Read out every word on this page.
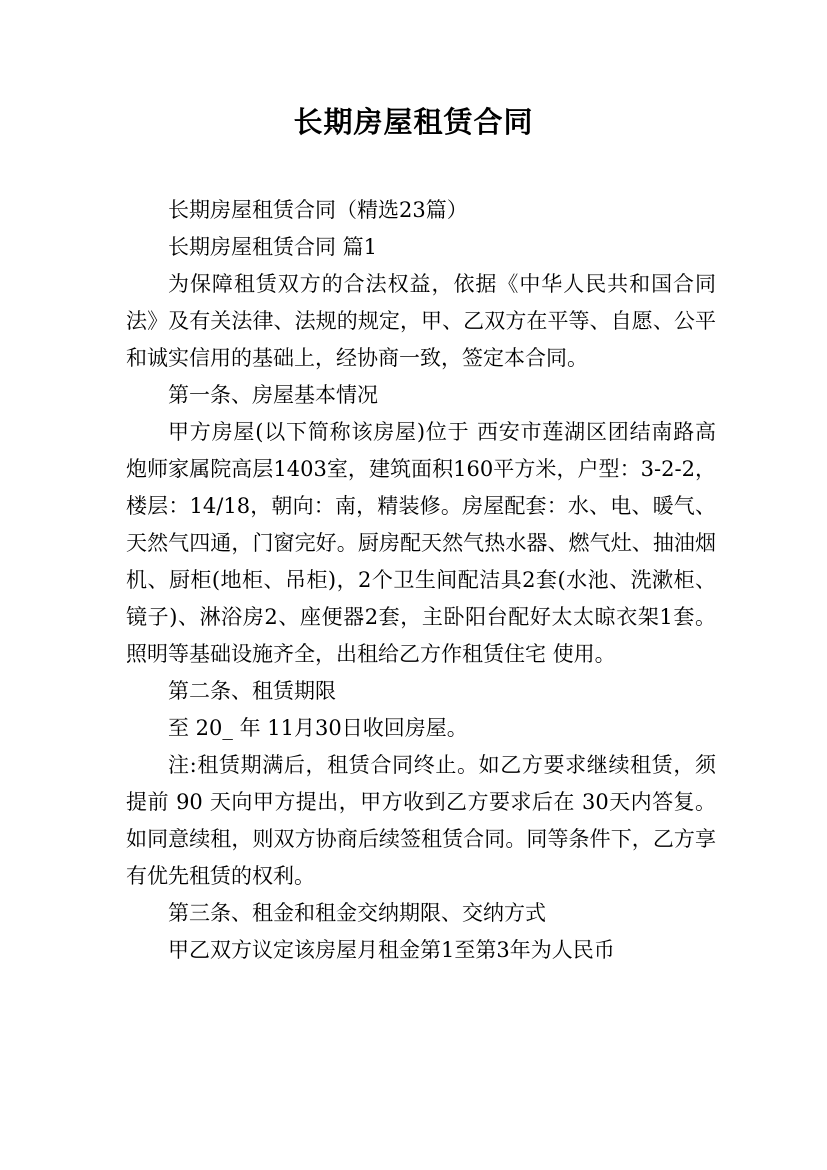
长期房屋租赁合同

长期房屋租赁合同（精选23篇）

长期房屋租赁合同 篇1

为保障租赁双方的合法权益，依据《中华人民共和国合同法》及有关法律、法规的规定，甲、乙双方在平等、自愿、公平和诚实信用的基础上，经协商一致，签定本合同。

第一条、房屋基本情况

甲方房屋(以下简称该房屋)位于 西安市莲湖区团结南路高炮师家属院高层1403室，建筑面积160平方米，户型：3-2-2，楼层：14/18，朝向：南，精装修。房屋配套：水、电、暖气、天然气四通，门窗完好。厨房配天然气热水器、燃气灶、抽油烟机、厨柜(地柜、吊柜)，2个卫生间配洁具2套(水池、洗漱柜、镜子)、淋浴房2、座便器2套，主卧阳台配好太太晾衣架1套。照明等基础设施齐全，出租给乙方作租赁住宅 使用。

第二条、租赁期限

至 20_ 年 11月30日收回房屋。

注:租赁期满后，租赁合同终止。如乙方要求继续租赁，须提前 90 天向甲方提出，甲方收到乙方要求后在 30天内答复。如同意续租，则双方协商后续签租赁合同。同等条件下，乙方享有优先租赁的权利。

第三条、租金和租金交纳期限、交纳方式

甲乙双方议定该房屋月租金第1至第3年为人民币
